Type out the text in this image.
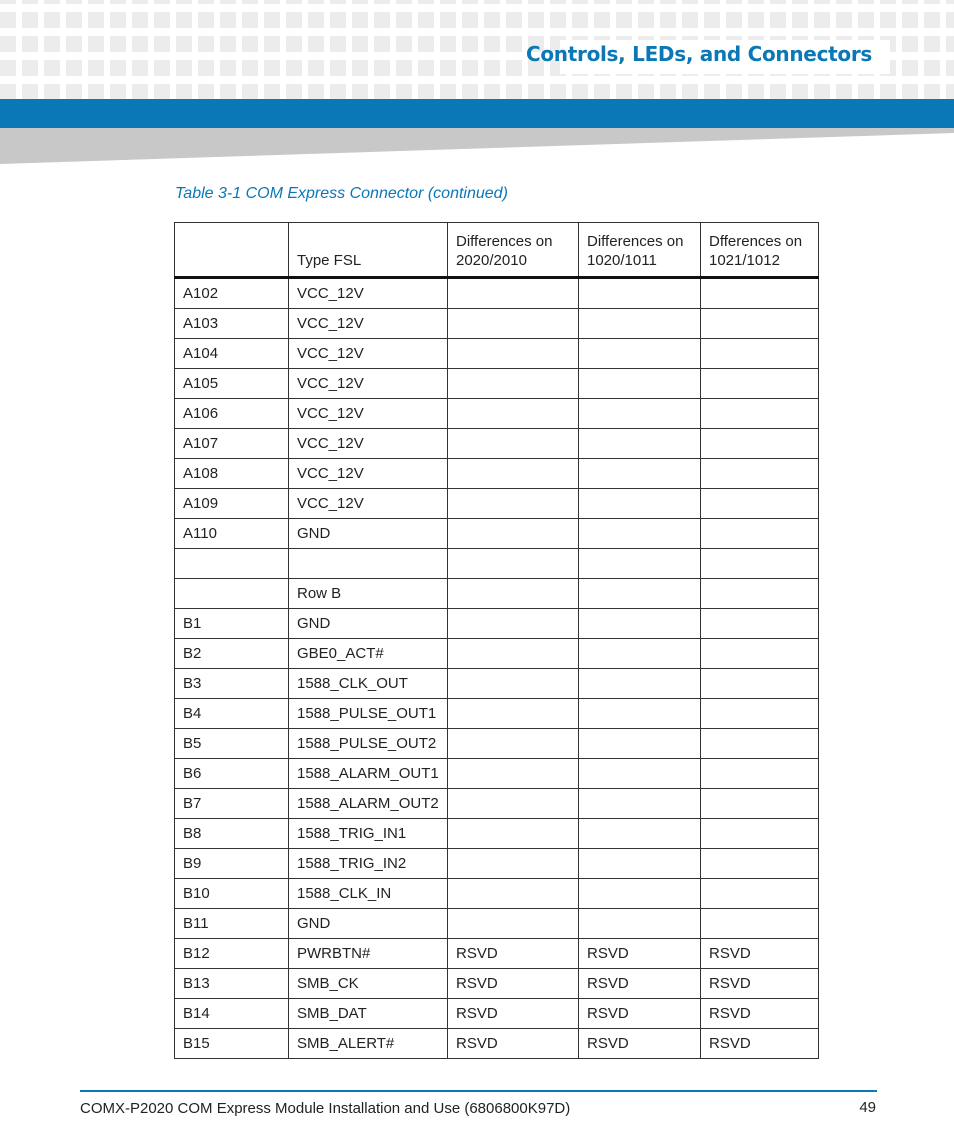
Controls, LEDs, and Connectors
Table 3-1 COM Express Connector (continued)
	Type FSL	Differences on 2020/2010	Differences on 1020/1011	Dfferences on 1021/1012
A102	VCC_12V			
A103	VCC_12V			
A104	VCC_12V			
A105	VCC_12V			
A106	VCC_12V			
A107	VCC_12V			
A108	VCC_12V			
A109	VCC_12V			
A110	GND			

	Row B			
B1	GND			
B2	GBE0_ACT#			
B3	1588_CLK_OUT			
B4	1588_PULSE_OUT1			
B5	1588_PULSE_OUT2			
B6	1588_ALARM_OUT1			
B7	1588_ALARM_OUT2			
B8	1588_TRIG_IN1			
B9	1588_TRIG_IN2			
B10	1588_CLK_IN			
B11	GND			
B12	PWRBTN#	RSVD	RSVD	RSVD
B13	SMB_CK	RSVD	RSVD	RSVD
B14	SMB_DAT	RSVD	RSVD	RSVD
B15	SMB_ALERT#	RSVD	RSVD	RSVD
COMX-P2020 COM Express Module Installation and Use (6806800K97D)	49
